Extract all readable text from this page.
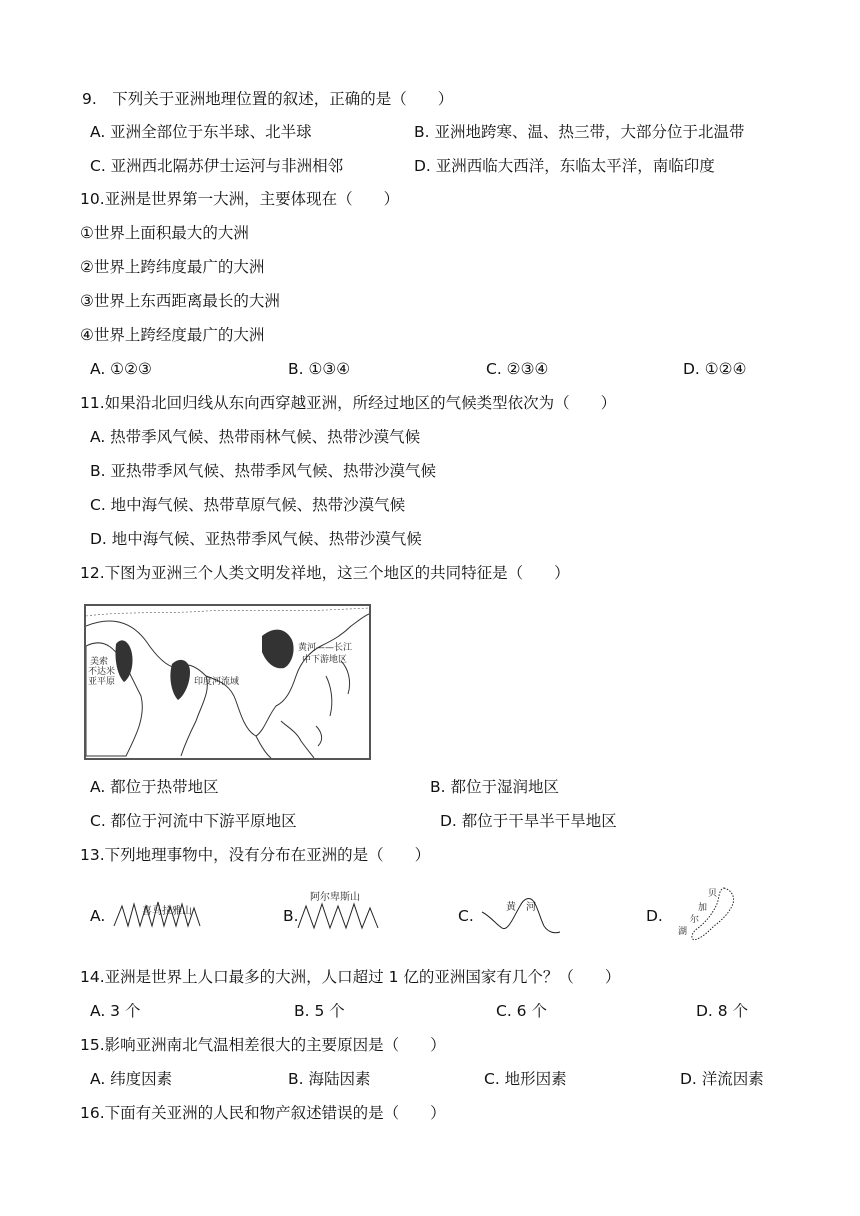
9.　下列关于亚洲地理位置的叙述，正确的是（　　）
A. 亚洲全部位于东半球、北半球	B. 亚洲地跨寒、温、热三带，大部分位于北温带
C. 亚洲西北隔苏伊士运河与非洲相邻	D. 亚洲西临大西洋，东临太平洋，南临印度
10.亚洲是世界第一大洲，主要体现在（　　）
①世界上面积最大的大洲
②世界上跨纬度最广的大洲
③世界上东西距离最长的大洲
④世界上跨经度最广的大洲
A. ①②③	B. ①③④	C. ②③④	D. ①②④
11.如果沿北回归线从东向西穿越亚洲，所经过地区的气候类型依次为（　　）
A. 热带季风气候、热带雨林气候、热带沙漠气候
B. 亚热带季风气候、热带季风气候、热带沙漠气候
C. 地中海气候、热带草原气候、热带沙漠气候
D. 地中海气候、亚热带季风气候、热带沙漠气候
12.下图为亚洲三个人类文明发祥地，这三个地区的共同特征是（　　）
美索
不达米
亚平原	印度河流域
黄河——长江
中下游地区
A. 都位于热带地区	B. 都位于湿润地区
C. 都位于河流中下游平原地区	D. 都位于干旱半干旱地区
13.下列地理事物中，没有分布在亚洲的是（　　）
A.	喜马拉雅山	B.
阿尔卑斯山
C.	黄　河	D.
贝
加
尔
湖
14.亚洲是世界上人口最多的大洲，人口超过 1 亿的亚洲国家有几个？（　　）
A. 3 个	B. 5 个	C. 6 个	D. 8 个
15.影响亚洲南北气温相差很大的主要原因是（　　）
A. 纬度因素	B. 海陆因素	C. 地形因素	D. 洋流因素
16.下面有关亚洲的人民和物产叙述错误的是（　　）
